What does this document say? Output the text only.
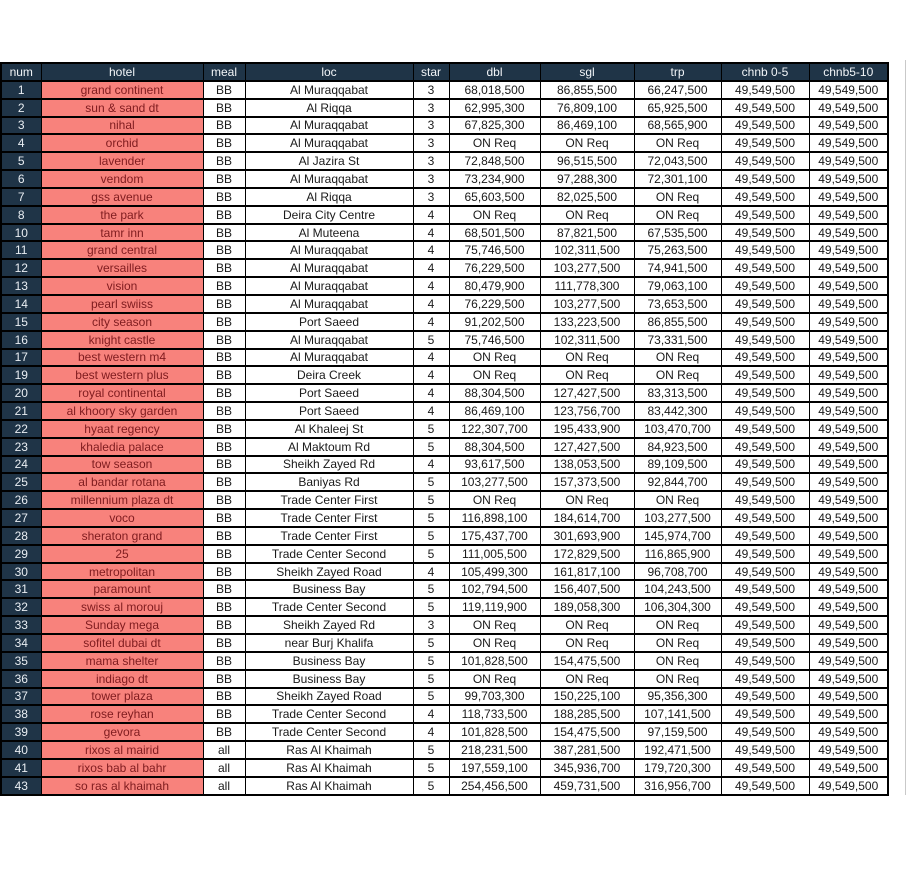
num	hotel	meal	loc	star	dbl	sgl	trp	chnb 0-5	chnb5-10
1	grand continent	BB	Al Muraqqabat	3	68,018,500	86,855,500	66,247,500	49,549,500	49,549,500
2	sun & sand dt	BB	Al Riqqa	3	62,995,300	76,809,100	65,925,500	49,549,500	49,549,500
3	nihal	BB	Al Muraqqabat	3	67,825,300	86,469,100	68,565,900	49,549,500	49,549,500
4	orchid	BB	Al Muraqqabat	3	ON Req	ON Req	ON Req	49,549,500	49,549,500
5	lavender	BB	Al Jazira St	3	72,848,500	96,515,500	72,043,500	49,549,500	49,549,500
6	vendom	BB	Al Muraqqabat	3	73,234,900	97,288,300	72,301,100	49,549,500	49,549,500
7	gss avenue	BB	Al Riqqa	3	65,603,500	82,025,500	ON Req	49,549,500	49,549,500
8	the park	BB	Deira City Centre	4	ON Req	ON Req	ON Req	49,549,500	49,549,500
10	tamr inn	BB	Al Muteena	4	68,501,500	87,821,500	67,535,500	49,549,500	49,549,500
11	grand central	BB	Al Muraqqabat	4	75,746,500	102,311,500	75,263,500	49,549,500	49,549,500
12	versailles	BB	Al Muraqqabat	4	76,229,500	103,277,500	74,941,500	49,549,500	49,549,500
13	vision	BB	Al Muraqqabat	4	80,479,900	111,778,300	79,063,100	49,549,500	49,549,500
14	pearl swiiss	BB	Al Muraqqabat	4	76,229,500	103,277,500	73,653,500	49,549,500	49,549,500
15	city season	BB	Port Saeed	4	91,202,500	133,223,500	86,855,500	49,549,500	49,549,500
16	knight castle	BB	Al Muraqqabat	5	75,746,500	102,311,500	73,331,500	49,549,500	49,549,500
17	best western m4	BB	Al Muraqqabat	4	ON Req	ON Req	ON Req	49,549,500	49,549,500
19	best western plus	BB	Deira Creek	4	ON Req	ON Req	ON Req	49,549,500	49,549,500
20	royal continental	BB	Port Saeed	4	88,304,500	127,427,500	83,313,500	49,549,500	49,549,500
21	al khoory sky garden	BB	Port Saeed	4	86,469,100	123,756,700	83,442,300	49,549,500	49,549,500
22	hyaat regency	BB	Al Khaleej St	5	122,307,700	195,433,900	103,470,700	49,549,500	49,549,500
23	khaledia palace	BB	Al Maktoum Rd	5	88,304,500	127,427,500	84,923,500	49,549,500	49,549,500
24	tow season	BB	Sheikh Zayed Rd	4	93,617,500	138,053,500	89,109,500	49,549,500	49,549,500
25	al bandar rotana	BB	Baniyas Rd	5	103,277,500	157,373,500	92,844,700	49,549,500	49,549,500
26	millennium plaza dt	BB	Trade Center First	5	ON Req	ON Req	ON Req	49,549,500	49,549,500
27	voco	BB	Trade Center First	5	116,898,100	184,614,700	103,277,500	49,549,500	49,549,500
28	sheraton grand	BB	Trade Center First	5	175,437,700	301,693,900	145,974,700	49,549,500	49,549,500
29	25	BB	Trade Center Second	5	111,005,500	172,829,500	116,865,900	49,549,500	49,549,500
30	metropolitan	BB	Sheikh Zayed Road	4	105,499,300	161,817,100	96,708,700	49,549,500	49,549,500
31	paramount	BB	Business Bay	5	102,794,500	156,407,500	104,243,500	49,549,500	49,549,500
32	swiss al morouj	BB	Trade Center Second	5	119,119,900	189,058,300	106,304,300	49,549,500	49,549,500
33	Sunday mega	BB	Sheikh Zayed Rd	3	ON Req	ON Req	ON Req	49,549,500	49,549,500
34	sofitel dubai dt	BB	near Burj Khalifa	5	ON Req	ON Req	ON Req	49,549,500	49,549,500
35	mama shelter	BB	Business Bay	5	101,828,500	154,475,500	ON Req	49,549,500	49,549,500
36	indiago dt	BB	Business Bay	5	ON Req	ON Req	ON Req	49,549,500	49,549,500
37	tower plaza	BB	Sheikh Zayed Road	5	99,703,300	150,225,100	95,356,300	49,549,500	49,549,500
38	rose reyhan	BB	Trade Center Second	4	118,733,500	188,285,500	107,141,500	49,549,500	49,549,500
39	gevora	BB	Trade Center Second	4	101,828,500	154,475,500	97,159,500	49,549,500	49,549,500
40	rixos al mairid	all	Ras Al Khaimah	5	218,231,500	387,281,500	192,471,500	49,549,500	49,549,500
41	rixos bab al bahr	all	Ras Al Khaimah	5	197,559,100	345,936,700	179,720,300	49,549,500	49,549,500
43	so ras al khaimah	all	Ras Al Khaimah	5	254,456,500	459,731,500	316,956,700	49,549,500	49,549,500
